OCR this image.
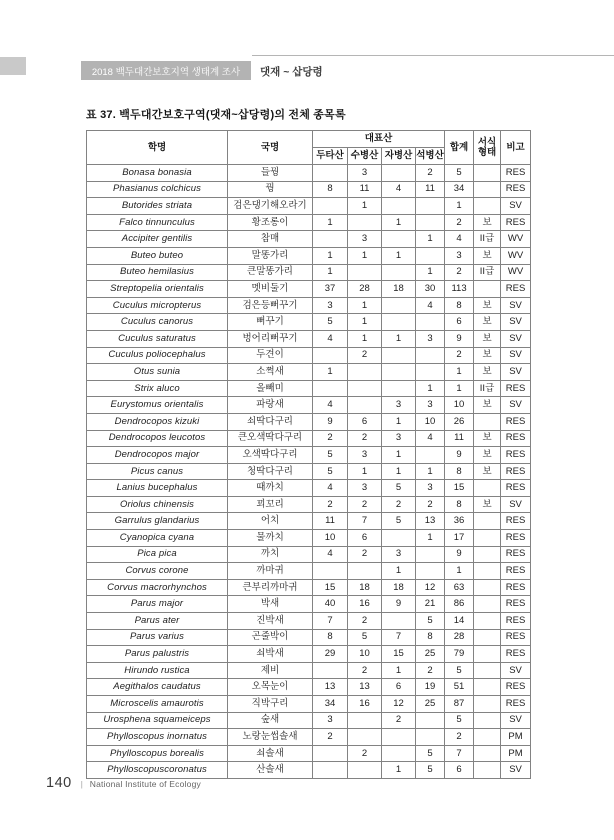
2018 백두대간보호지역 생태계 조사 댓재 ~ 삽당령
표 37. 백두대간보호구역(댓재~삽당령)의 전체 종목록
학명	국명	대표산				합계	서식형태	비고
		두타산	수병산	자병산	석병산			
Bonasa bonasia	들꿩		3		2	5		RES
Phasianus colchicus	꿩	8	11	4	11	34		RES
Butorides striata	검은댕기해오라기		1			1		SV
Falco tinnunculus	황조롱이	1		1		2	보	RES
Accipiter gentilis	참매		3		1	4	II급	WV
Buteo buteo	말똥가리	1	1	1		3	보	WV
Buteo hemilasius	큰말똥가리	1			1	2	II급	WV
Streptopelia orientalis	멧비둘기	37	28	18	30	113		RES
Cuculus micropterus	검은등뻐꾸기	3	1		4	8	보	SV
Cuculus canorus	뻐꾸기	5	1			6	보	SV
Cuculus saturatus	벙어리뻐꾸기	4	1	1	3	9	보	SV
Cuculus poliocephalus	두견이		2			2	보	SV
Otus sunia	소쩍새	1				1	보	SV
Strix aluco	올빼미				1	1	II급	RES
Eurystomus orientalis	파랑새	4		3	3	10	보	SV
Dendrocopos kizuki	쇠딱다구리	9	6	1	10	26		RES
Dendrocopos leucotos	큰오색딱다구리	2	2	3	4	11	보	RES
Dendrocopos major	오색딱다구리	5	3	1		9	보	RES
Picus canus	청딱다구리	5	1	1	1	8	보	RES
Lanius bucephalus	때까치	4	3	5	3	15		RES
Oriolus chinensis	꾀꼬리	2	2	2	2	8	보	SV
Garrulus glandarius	어치	11	7	5	13	36		RES
Cyanopica cyana	물까치	10	6		1	17		RES
Pica pica	까치	4	2	3		9		RES
Corvus corone	까마귀			1		1		RES
Corvus macrorhynchos	큰부리까마귀	15	18	18	12	63		RES
Parus major	박새	40	16	9	21	86		RES
Parus ater	진박새	7	2		5	14		RES
Parus varius	곤줄박이	8	5	7	8	28		RES
Parus palustris	쇠박새	29	10	15	25	79		RES
Hirundo rustica	제비		2	1	2	5		SV
Aegithalos caudatus	오목눈이	13	13	6	19	51		RES
Microscelis amaurotis	직박구리	34	16	12	25	87		RES
Urosphena squameiceps	숲새	3		2		5		SV
Phylloscopus inornatus	노랑눈썹솔새	2				2		PM
Phylloscopus borealis	쇠솔새		2		5	7		PM
Phylloscopuscoronatus	산솔새			1	5	6		SV
140 | National Institute of Ecology
